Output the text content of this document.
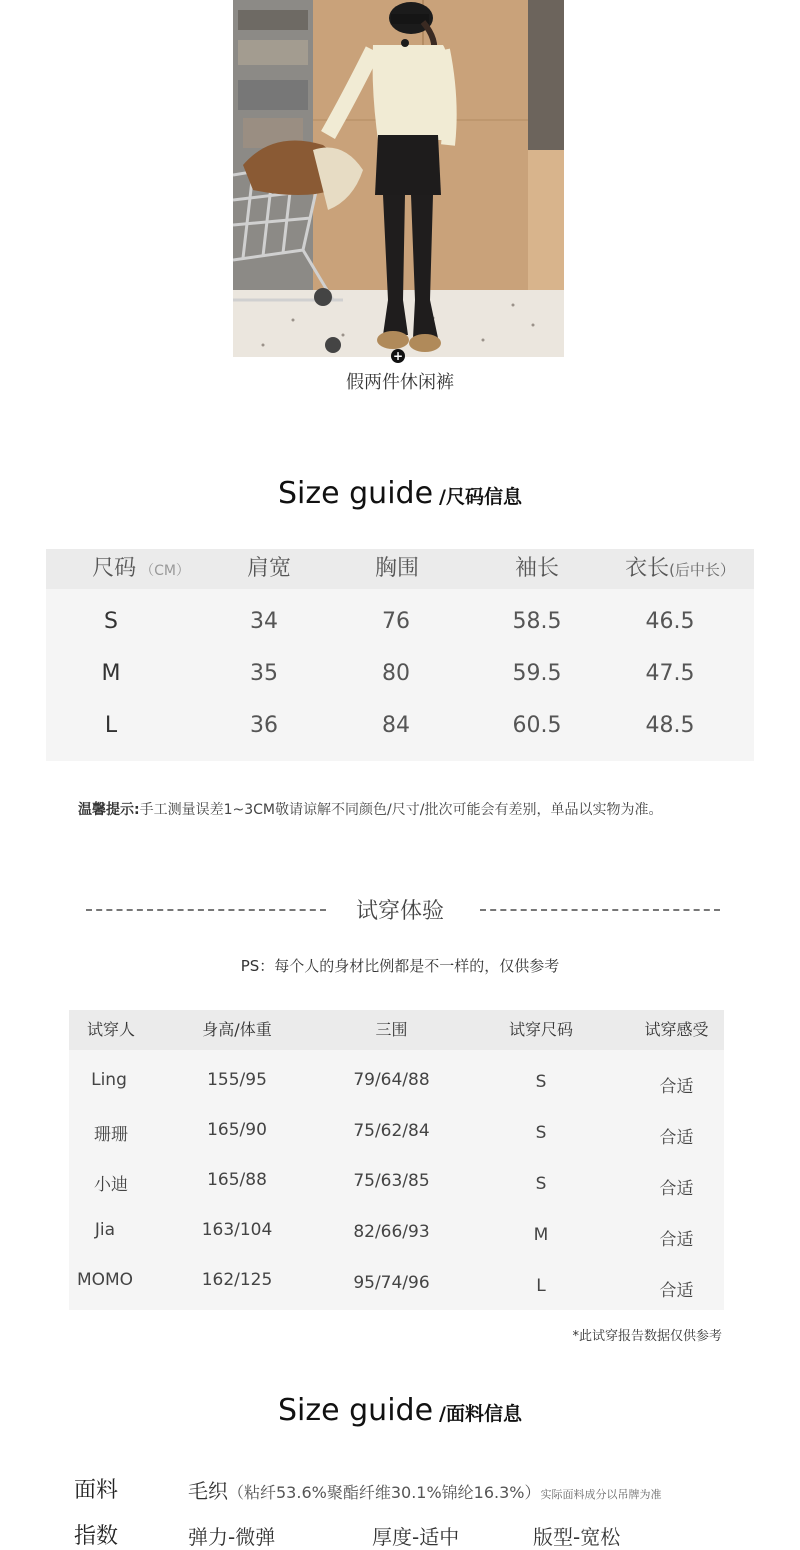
+
假两件休闲裤
Size guide /尺码信息
尺码 （CM）	肩宽	胸围	袖长	衣长(后中长）
S	34	76	58.5	46.5
M	35	80	59.5	47.5
L	36	84	60.5	48.5
温馨提示:手工测量误差1~3CM敬请谅解不同颜色/尺寸/批次可能会有差别，单品以实物为准。
试穿体验
PS：每个人的身材比例都是不一样的，仅供参考
试穿人	身高/体重	三围	试穿尺码	试穿感受
Ling	155/95	79/64/88	S	合适
珊珊	165/90	75/62/84	S	合适
小迪	165/88	75/63/85	S	合适
Jia	163/104	82/66/93	M	合适
MOMO	162/125	95/74/96	L	合适
*此试穿报告数据仅供参考
Size guide /面料信息
面料	毛织（粘纤53.6%聚酯纤维30.1%锦纶16.3%）实际面料成分以吊牌为准
指数	弹力-微弹	厚度-适中	版型-宽松
